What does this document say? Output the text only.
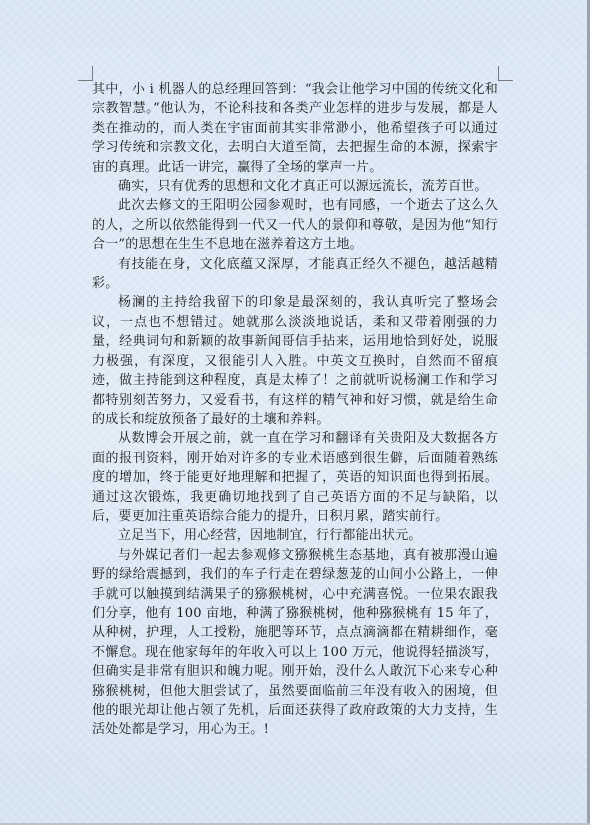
其中，小 i 机器人的总经理回答到：“我会让他学习中国的传统文化和宗教智慧。”他认为，不论科技和各类产业怎样的进步与发展，都是人类在推动的，而人类在宇宙面前其实非常渺小，他希望孩子可以通过学习传统和宗教文化，去明白大道至简，去把握生命的本源，探索宇宙的真理。此话一讲完，赢得了全场的掌声一片。

确实，只有优秀的思想和文化才真正可以源远流长，流芳百世。

此次去修文的王阳明公园参观时，也有同感，一个逝去了这么久的人，之所以依然能得到一代又一代人的景仰和尊敬，是因为他“知行合一”的思想在生生不息地在滋养着这方土地。

有技能在身，文化底蕴又深厚，才能真正经久不褪色，越活越精彩。

杨澜的主持给我留下的印象是最深刻的，我认真听完了整场会议，一点也不想错过。她就那么淡淡地说话，柔和又带着刚强的力量，经典词句和新颖的故事新闻哥信手拈来，运用地恰到好处，说服力极强，有深度，又很能引人入胜。中英文互换时，自然而不留痕迹，做主持能到这种程度，真是太棒了！之前就听说杨澜工作和学习都特别刻苦努力，又爱看书，有这样的精气神和好习惯，就是给生命的成长和绽放预备了最好的土壤和养料。

从数博会开展之前，就一直在学习和翻译有关贵阳及大数据各方面的报刊资料，刚开始对许多的专业术语感到很生僻，后面随着熟练度的增加，终于能更好地理解和把握了，英语的知识面也得到拓展。通过这次锻炼，我更确切地找到了自己英语方面的不足与缺陷，以后，要更加注重英语综合能力的提升，日积月累，踏实前行。

立足当下，用心经营，因地制宜，行行都能出状元。

与外媒记者们一起去参观修文猕猴桃生态基地，真有被那漫山遍野的绿给震撼到，我们的车子行走在碧绿葱茏的山间小公路上，一伸手就可以触摸到结满果子的猕猴桃树，心中充满喜悦。一位果农跟我们分享，他有 100 亩地，种满了猕猴桃树，他种猕猴桃有 15 年了，从种树，护理，人工授粉，施肥等环节，点点滴滴都在精耕细作，毫不懈怠。现在他家每年的年收入可以上 100 万元，他说得轻描淡写，但确实是非常有胆识和魄力呢。刚开始，没什么人敢沉下心来专心种猕猴桃树，但他大胆尝试了，虽然要面临前三年没有收入的困境，但他的眼光却让他占领了先机，后面还获得了政府政策的大力支持，生活处处都是学习，用心为王。!
